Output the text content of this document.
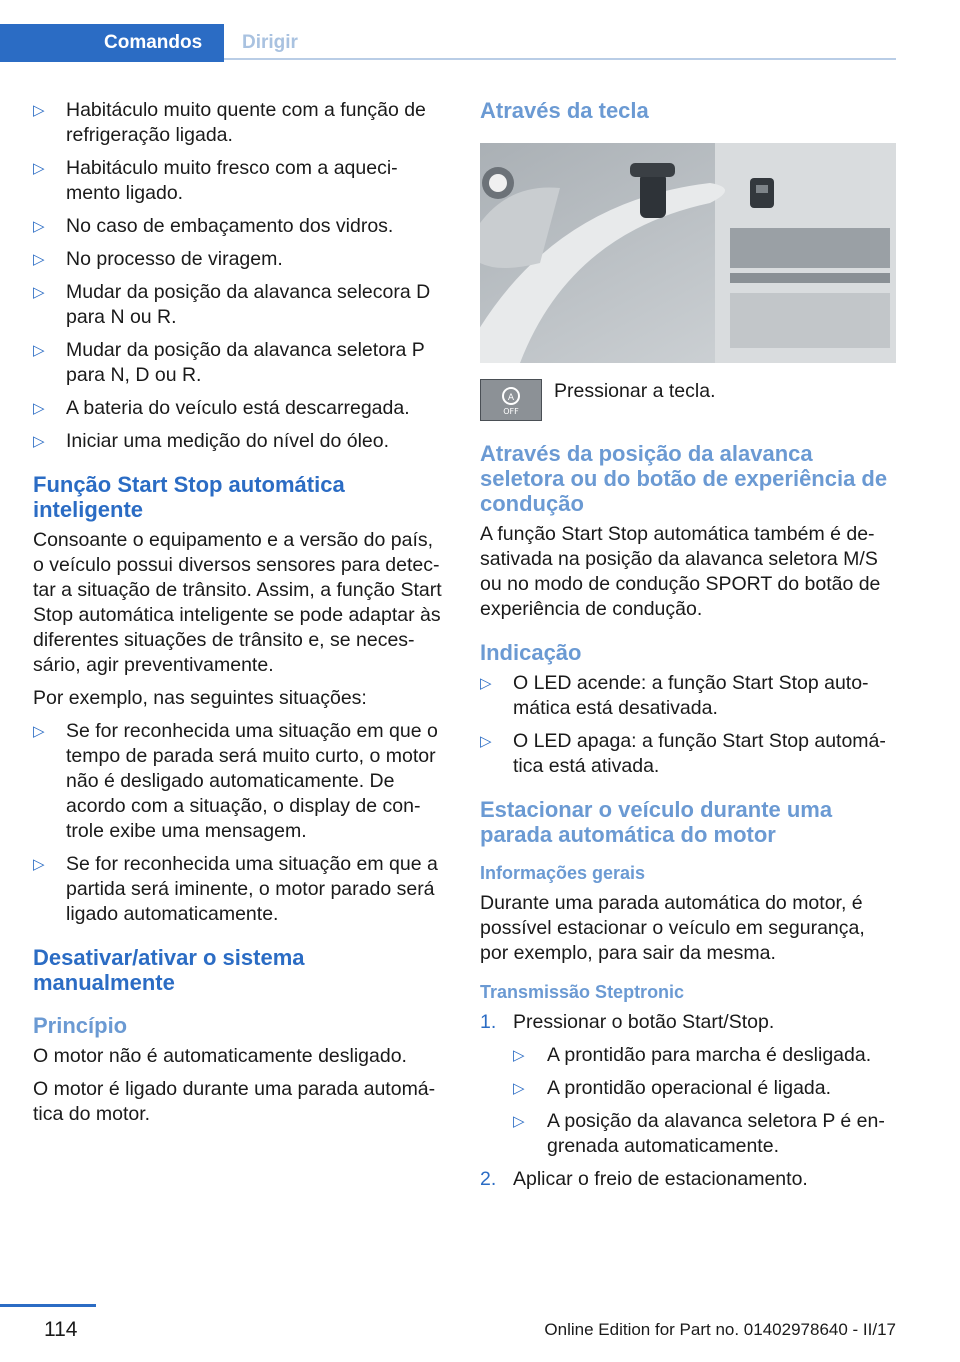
Comandos	Dirigir
▷ Habitáculo muito quente com a função de refrigeração ligada.
▷ Habitáculo muito fresco com a aqueci-mento ligado.
▷ No caso de embaçamento dos vidros.
▷ No processo de viragem.
▷ Mudar da posição da alavanca selecora D para N ou R.
▷ Mudar da posição da alavanca seletora P para N, D ou R.
▷ A bateria do veículo está descarregada.
▷ Iniciar uma medição do nível do óleo.
Função Start Stop automática inteligente

Consoante o equipamento e a versão do país, o veículo possui diversos sensores para detec-tar a situação de trânsito. Assim, a função Start Stop automática inteligente se pode adaptar às diferentes situações de trânsito e, se neces-sário, agir preventivamente.

Por exemplo, nas seguintes situações:

▷ Se for reconhecida uma situação em que o tempo de parada será muito curto, o motor não é desligado automaticamente. De acordo com a situação, o display de con-trole exibe uma mensagem.
▷ Se for reconhecida uma situação em que a partida será iminente, o motor parado será ligado automaticamente.
Desativar/ativar o sistema manualmente
Princípio

O motor não é automaticamente desligado.

O motor é ligado durante uma parada automá-tica do motor.

Através da tecla
A
OFF
Pressionar a tecla.
Através da posição da alavanca seletora ou do botão de experiência de condução

A função Start Stop automática também é de-sativada na posição da alavanca seletora M/S ou no modo de condução SPORT do botão de experiência de condução.

Indicação
▷ O LED acende: a função Start Stop auto-mática está desativada.
▷ O LED apaga: a função Start Stop automá-tica está ativada.
Estacionar o veículo durante uma parada automática do motor
Informações gerais

Durante uma parada automática do motor, é possível estacionar o veículo em segurança, por exemplo, para sair da mesma.

Transmissão Steptronic
1. Pressionar o botão Start/Stop.
▷ A prontidão para marcha é desligada.
▷ A prontidão operacional é ligada.
▷ A posição da alavanca seletora P é en-grenada automaticamente.
2. Aplicar o freio de estacionamento.
114	Online Edition for Part no. 01402978640 - II/17
